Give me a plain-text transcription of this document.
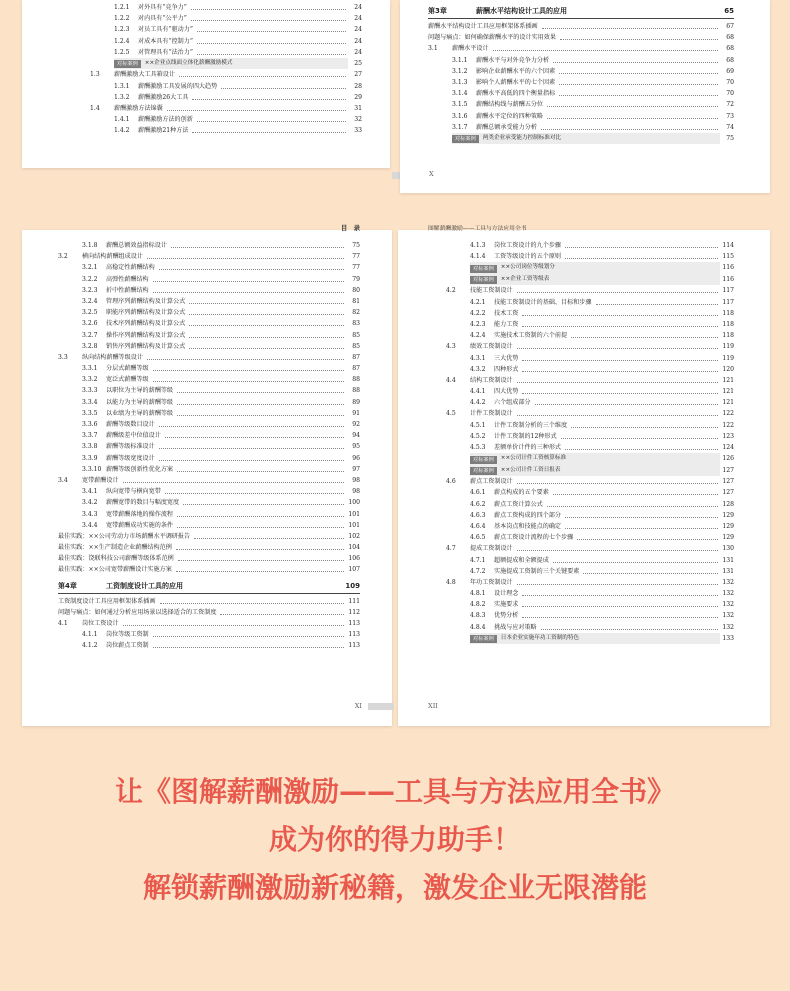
1.2.1	对外具有“竞争力”	24
1.2.2	对内具有“公平力”	24
1.2.3	对员工具有“驱动力”	24
1.2.4	对成本具有“控制力”	24
1.2.5	对管理具有“法治力”	24
对标案例	××企业点线面立体化薪酬激励模式	25
1.3	薪酬激励大工具箱设计	27
1.3.1	薪酬激励工具发展的四大趋势	28
1.3.2	薪酬激励26大工具	29
1.4	薪酬激励方法锦囊	31
1.4.1	薪酬激励方法的创新	32
1.4.2	薪酬激励21种方法	33
第3章	薪酬水平结构设计工具的应用	65
薪酬水平结构设计工具应用框架体系插画	67
问题与痛点：如何确保薪酬水平的设计实用效果	68
3.1	薪酬水平设计	68
3.1.1	薪酬水平与对外竞争力分析	68
3.1.2	影响企业薪酬水平的六个因素	69
3.1.3	影响个人薪酬水平的七个因素	70
3.1.4	薪酬水平高低的四个衡量指标	70
3.1.5	薪酬结构线与薪酬五分位	72
3.1.6	薪酬水平定位的四种策略	73
3.1.7	薪酬总额承受能力分析	74
对标案例	两类企业承受能力控制标准对比	75
X
目　录
3.1.8	薪酬总额效益指标设计	75
3.2	横向结构薪酬组成设计	77
3.2.1	高稳定性薪酬结构	77
3.2.2	高弹性薪酬结构	79
3.2.3	折中性薪酬结构	80
3.2.4	管理序列薪酬结构及计算公式	81
3.2.5	职能序列薪酬结构及计算公式	82
3.2.6	技术序列薪酬结构及计算公式	83
3.2.7	操作序列薪酬结构及计算公式	85
3.2.8	销售序列薪酬结构及计算公式	85
3.3	纵向结构薪酬等级设计	87
3.3.1	分层式薪酬等级	87
3.3.2	宽泛式薪酬等级	88
3.3.3	以职位为主导的薪酬等级	88
3.3.4	以能力为主导的薪酬等级	89
3.3.5	以业绩为主导的薪酬等级	91
3.3.6	薪酬等级数目设计	92
3.3.7	薪酬级差中位值设计	94
3.3.8	薪酬等级标准设计	95
3.3.9	薪酬等级宽度设计	96
3.3.10 薪酬等级创新性优化方案	97
3.4	宽带薪酬设计	98
3.4.1	纵向宽带与横向宽带	98
3.4.2	薪酬宽带的数目与幅度宽度	100
3.4.3	宽带薪酬落地的操作流程	101
3.4.4	宽带薪酬成功实施的条件	101
最佳实践：××公司劳动力市场薪酬水平调研报告	102
最佳实践：××生产制造企业薪酬结构范例	104
最佳实践：饶联科技公司薪酬等级体系范例	106
最佳实践：××公司宽带薪酬设计实施方案	107
第4章	工资制度设计工具的应用	109
工资制度设计工具应用框架体系插画	111
问题与痛点：如何通过分析应用场景以选择适合的工资制度	112
4.1	岗位工资设计	113
4.1.1	岗位等级工资制	113
4.1.2	岗位薪点工资制	113
XI
图解薪酬激励——工具与方法应用全书
4.1.3	岗位工资设计的九个步骤	114
4.1.4	工资等级设计的五个原则	115
对标案例	××公司岗位等级划分	116
对标案例	××企业工资等级表	116
4.2	技能工资制设计	117
4.2.1	技能工资制设计的基础、目标和步骤	117
4.2.2	技术工资	118
4.2.3	能力工资	118
4.2.4	实施技术工资制的六个前提	118
4.3	绩效工资制设计	119
4.3.1	三大优势	119
4.3.2	四种形式	120
4.4	结构工资制设计	121
4.4.1	四大优势	121
4.4.2	六个组成部分	121
4.5	计件工资制设计	122
4.5.1	计件工资制分析的三个维度	122
4.5.2	计件工资制的12种形式	123
4.5.3	差额单价计件的三种形式	124
对标案例	××公司计件工资核算标准	126
对标案例	××公司计件工资日报表	127
4.6	薪点工资制设计	127
4.6.1	薪点构成的五个要素	127
4.6.2	薪点工资计算公式	128
4.6.3	薪点工资构成的四个部分	129
4.6.4	基本岗点和技能点的确定	129
4.6.5	薪点工资设计流程的七个步骤	129
4.7	提成工资制设计	130
4.7.1	超额提成和全额提成	131
4.7.2	实施提成工资制的三个关键要素	131
4.8	年功工资制设计	132
4.8.1	设计理念	132
4.8.2	实施要求	132
4.8.3	优势分析	132
4.8.4	挑战与应对策略	132
对标案例	日本企业实施年功工资制的特色	133
XII
让《图解薪酬激励——工具与方法应用全书》
成为你的得力助手！
解锁薪酬激励新秘籍，激发企业无限潜能
